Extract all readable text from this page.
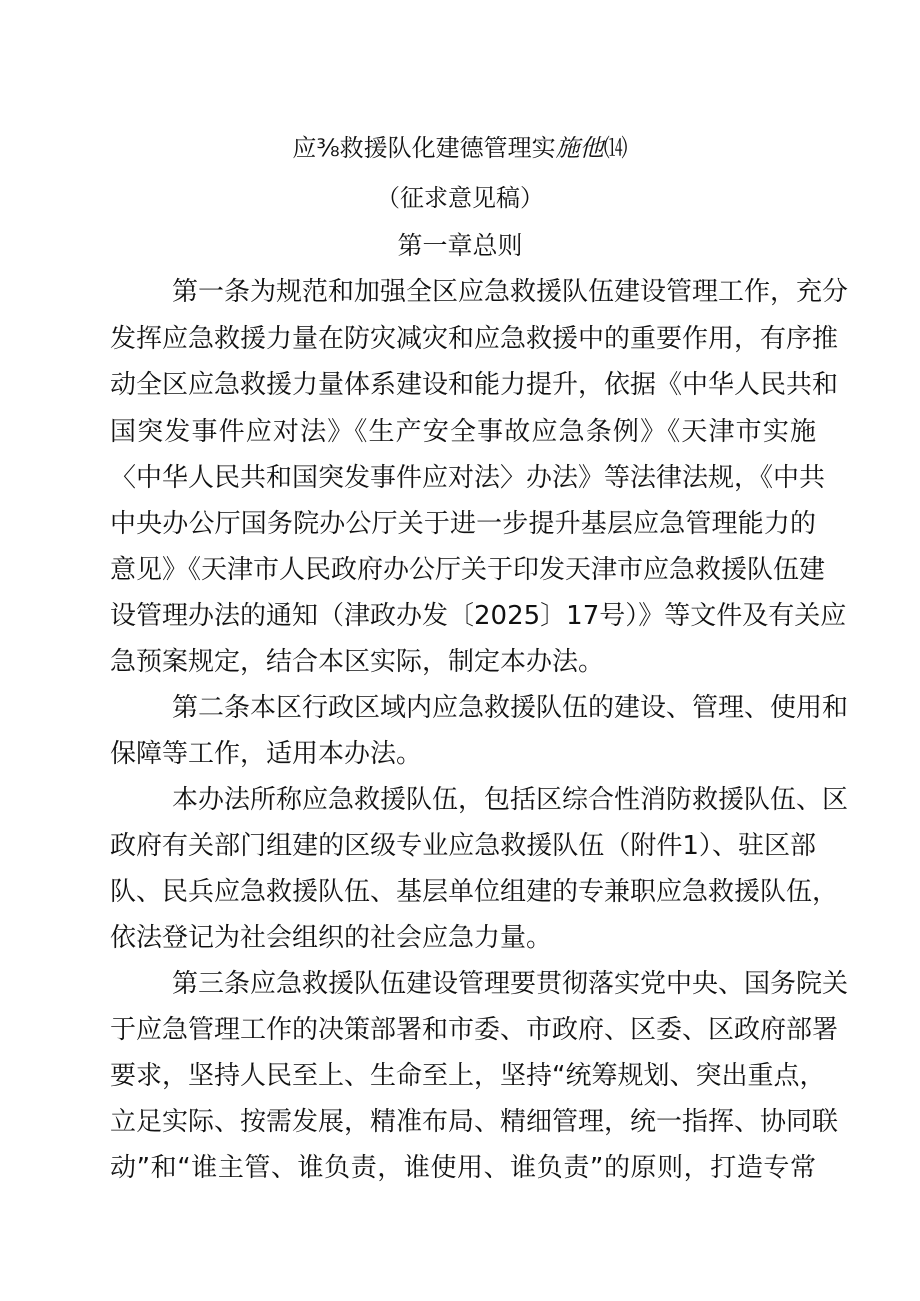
应⅜救援队化建德管理实施他⒁
（征求意见稿）
第一章总则
第一条为规范和加强全区应急救援队伍建设管理工作，充分
发挥应急救援力量在防灾减灾和应急救援中的重要作用，有序推
动全区应急救援力量体系建设和能力提升，依据《中华人民共和
国突发事件应对法》《生产安全事故应急条例》《天津市实施
〈中华人民共和国突发事件应对法〉办法》等法律法规，《中共
中央办公厅国务院办公厅关于进一步提升基层应急管理能力的
意见》《天津市人民政府办公厅关于印发天津市应急救援队伍建
设管理办法的通知（津政办发〔2025〕17号）》等文件及有关应
急预案规定，结合本区实际，制定本办法。
第二条本区行政区域内应急救援队伍的建设、管理、使用和
保障等工作，适用本办法。
本办法所称应急救援队伍，包括区综合性消防救援队伍、区
政府有关部门组建的区级专业应急救援队伍（附件1）、驻区部
队、民兵应急救援队伍、基层单位组建的专兼职应急救援队伍，
依法登记为社会组织的社会应急力量。
第三条应急救援队伍建设管理要贯彻落实党中央、国务院关
于应急管理工作的决策部署和市委、市政府、区委、区政府部署
要求，坚持人民至上、生命至上，坚持“统筹规划、突出重点，
立足实际、按需发展，精准布局、精细管理，统一指挥、协同联
动”和“谁主管、谁负责，谁使用、谁负责”的原则，打造专常
